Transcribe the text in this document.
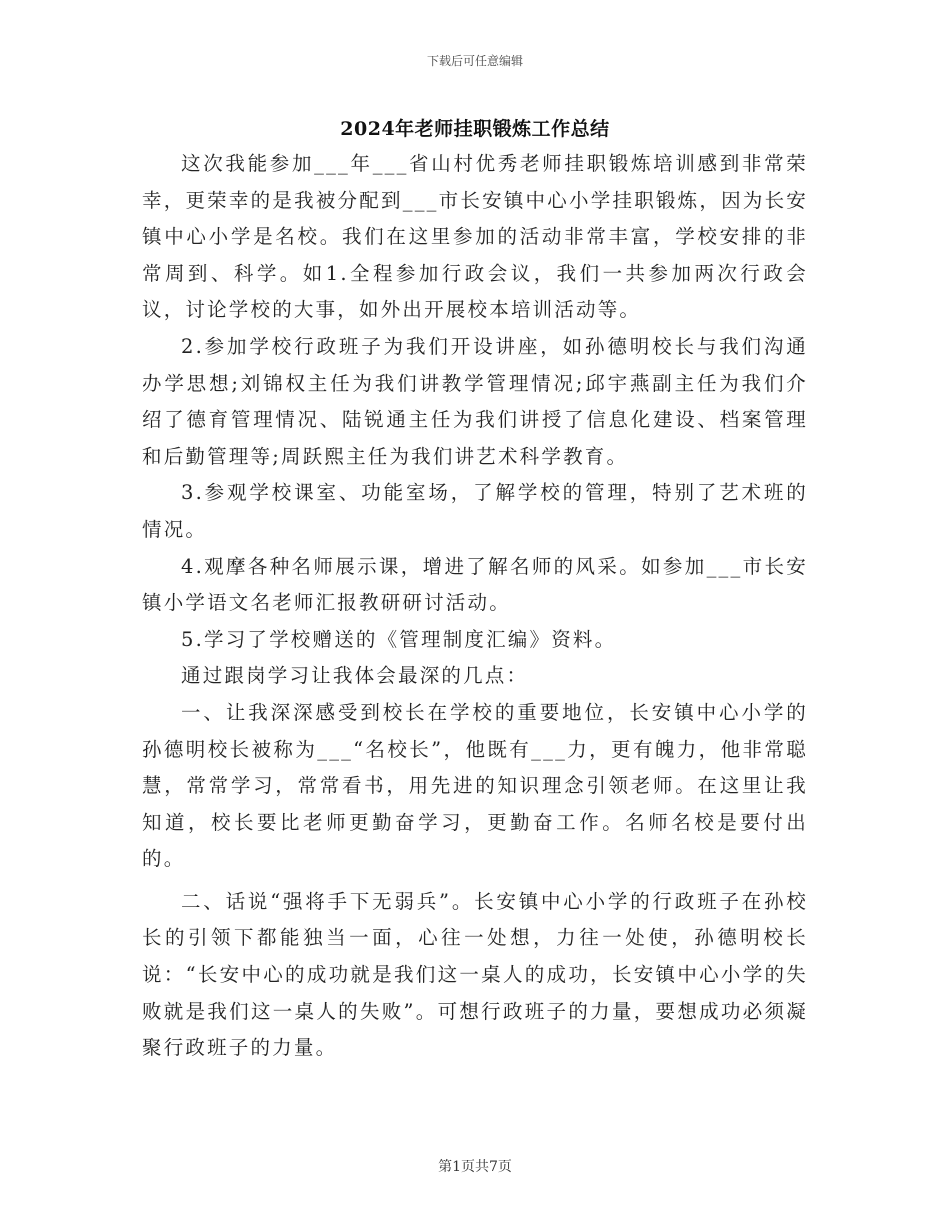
下载后可任意编辑
2024年老师挂职锻炼工作总结

这次我能参加___年___省山村优秀老师挂职锻炼培训感到非常荣幸，更荣幸的是我被分配到___市长安镇中心小学挂职锻炼，因为长安镇中心小学是名校。我们在这里参加的活动非常丰富，学校安排的非常周到、科学。如1.全程参加行政会议，我们一共参加两次行政会议，讨论学校的大事，如外出开展校本培训活动等。

2.参加学校行政班子为我们开设讲座，如孙德明校长与我们沟通办学思想;刘锦权主任为我们讲教学管理情况;邱宇燕副主任为我们介绍了德育管理情况、陆锐通主任为我们讲授了信息化建设、档案管理和后勤管理等;周跃熙主任为我们讲艺术科学教育。

3.参观学校课室、功能室场，了解学校的管理，特别了艺术班的情况。

4.观摩各种名师展示课，增进了解名师的风采。如参加___市长安镇小学语文名老师汇报教研研讨活动。

5.学习了学校赠送的《管理制度汇编》资料。

通过跟岗学习让我体会最深的几点：

一、让我深深感受到校长在学校的重要地位，长安镇中心小学的孙德明校长被称为___“名校长”，他既有___力，更有魄力，他非常聪慧，常常学习，常常看书，用先进的知识理念引领老师。在这里让我知道，校长要比老师更勤奋学习，更勤奋工作。名师名校是要付出的。

二、话说“强将手下无弱兵”。长安镇中心小学的行政班子在孙校长的引领下都能独当一面，心往一处想，力往一处使，孙德明校长说：“长安中心的成功就是我们这一桌人的成功，长安镇中心小学的失败就是我们这一桌人的失败”。可想行政班子的力量，要想成功必须凝聚行政班子的力量。

第1页共7页
